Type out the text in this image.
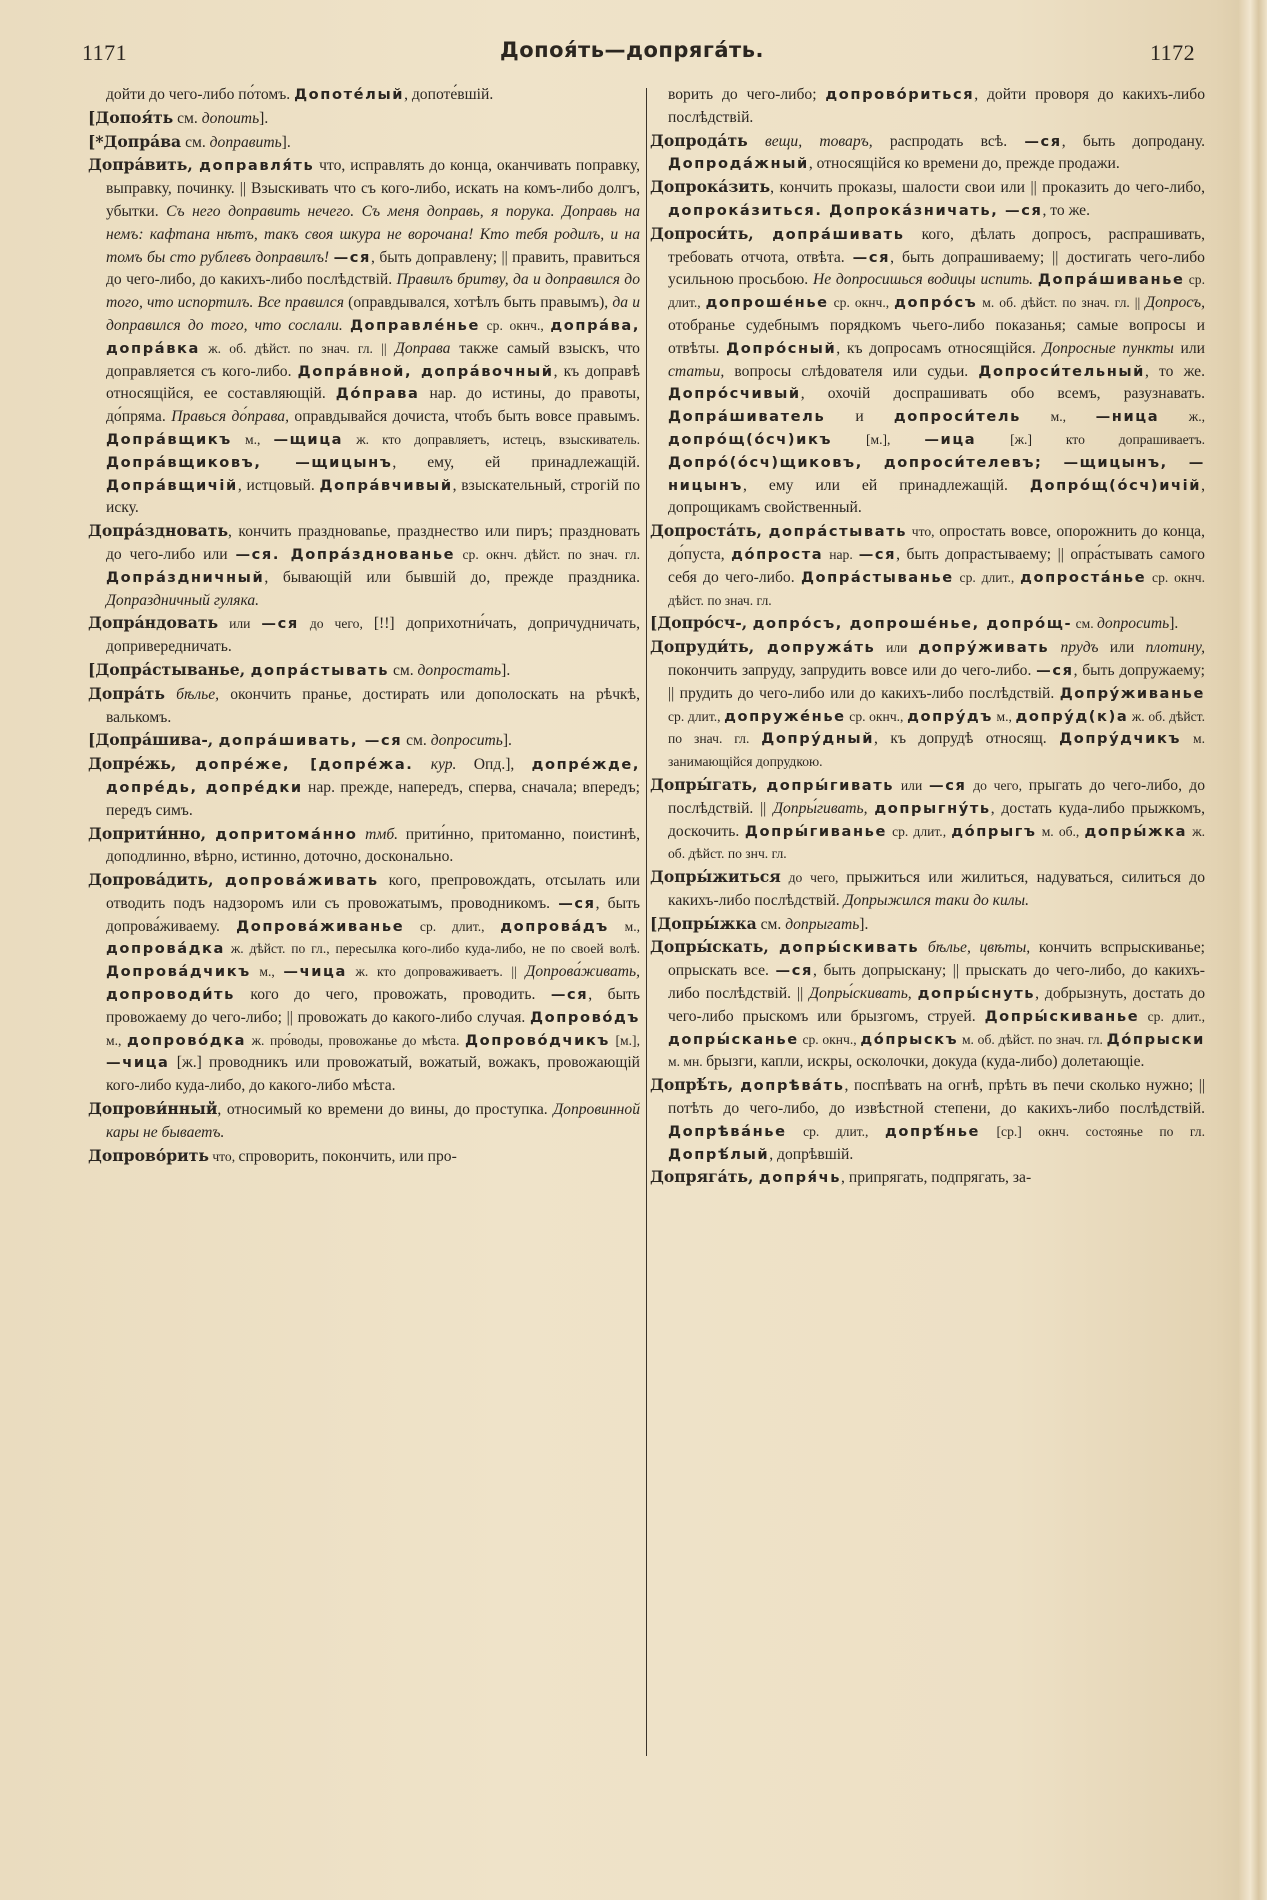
1171	Допоя́ть—допряга́ть.	1172

дойти до чего-либо по́томъ. Допоте́лый, допоте́вшій.

[Допоя́ть см. допоить].

[*Допра́ва см. доправить].

Допра́вить, доправля́ть что, исправлять до конца, оканчивать поправку, выправку, починку. || Взыскивать что съ кого-либо, искать на комъ-либо долгъ, убытки. Съ него доправить нечего. Съ меня доправь, я порука. Доправь на немъ: кафтана нѣтъ, такъ своя шкура не ворочана! Кто тебя родилъ, и на томъ бы сто рублевъ доправилъ! —ся, быть доправлену; || править, правиться до чего-либо, до какихъ-либо послѣдствій. Правилъ бритву, да и доправился до того, что испортилъ. Все правился (оправдывался, хотѣлъ быть правымъ), да и доправился до того, что сослали. Доправле́нье ср. окнч., допра́ва, допра́вка ж. об. дѣйст. по знач. гл. || Доправа также самый взыскъ, что доправляется съ кого-либо. Допра́вной, допра́вочный, къ доправѣ относящійся, ее составляющій. До́права нар. до истины, до правоты, до́прямa. Правься до́права, оправдывайся дочиста, чтобъ быть вовсе правымъ. Допра́вщикъ м., —щица ж. кто доправляетъ, истецъ, взыскиватель. Допра́вщиковъ, —щицынъ, ему, ей принадлежащій. Допра́вщичій, истцовый. Допра́вчивый, взыскательный, строгій по иску.

Допра́здновать, кончить праздноваnье, празднество или пиръ; праздновать до чего-либо или —ся. Допра́зднованье ср. окнч. дѣйст. по знач. гл. Допра́здничный, бывающій или бывшій до, прежде праздника. Допраздничный гуляка.

Допра́ндовать или —ся до чего, [!!] доприхотни́чать, допричудничать, допривередничать.

[Допра́стыванье, допра́стывать см. допростать].

Допра́ть бѣлье, окончить пранье, достирать или дополоскать на рѣчкѣ, валькомъ.

[Допра́шива-, допра́шивать, —ся см. допросить].

Допре́жь, допре́же, [допре́жа. кур. Опд.], допре́жде, допре́дь, допре́дки нар. прежде, напередъ, сперва, сначала; впередъ; передъ симъ.

Доприти́нно, допритома́нно тмб. прити́нно, притоманно, поистинѣ, доподлинно, вѣрно, истинно, доточно, досконально.

Допрова́дить, допрова́живать кого, препровождать, отсылать или отводить подъ надзоромъ или съ провожатымъ, проводникомъ. —ся, быть допрова́живаему. Допрова́живанье ср. длит., допрова́дъ м., допрова́дка ж. дѣйст. по гл., пересылка кого-либо куда-либо, не по своей волѣ. Допрова́дчикъ м., —чица ж. кто допроваживаетъ. || Допрова́живать, допроводи́ть кого до чего, провожать, проводить. —ся, быть провожаему до чего-либо; || провожать до какого-либо случая. Допрово́дъ м., допрово́дка ж. про́воды, провожанье до мѣста. Допрово́дчикъ [м.], —чица [ж.] проводникъ или провожатый, вожатый, вожакъ, провожающій кого-либо куда-либо, до какого-либо мѣста.

Допрови́нный, относимый ко времени до вины, до проступка. Допровинной кары не бываетъ.

Допрово́рить что, спроворить, покончить, или про-

ворить до чего-либо; допрово́риться, дойти проворя до какихъ-либо послѣдствій.

Допрода́ть вещи, товаръ, распродать всѣ. —ся, быть допродану. Допрода́жный, относящійся ко времени до, прежде продажи.

Допрока́зить, кончить проказы, шалости свои или || проказить до чего-либо, допрока́зиться. Допрока́зничать, —ся, то же.

Допроси́ть, допра́шивать кого, дѣлать допросъ, распрашивать, требовать отчота, отвѣта. —ся, быть допрашиваему; || достигать чего-либо усильною просьбою. Не допросишься водицы испить. Допра́шиванье ср. длит., допроше́нье ср. окнч., допро́съ м. об. дѣйст. по знач. гл. || Допросъ, отобранье судебнымъ порядкомъ чьего-либо показанья; самые вопросы и отвѣты. Допро́сный, къ допросамъ относящійся. Допросные пункты или статьи, вопросы слѣдователя или судьи. Допроси́тельный, то же. Допро́счивый, охочій доспрашивать обо всемъ, разузнавать. Допра́шиватель и допроси́тель м., —ница ж., допро́щ(о́сч)икъ [м.], —ица [ж.] кто допрашиваетъ. Допро́(о́сч)щиковъ, допроси́телевъ; —щицынъ, —ницынъ, ему или ей принадлежащій. Допро́щ(о́сч)ичій, допрощикамъ свойственный.

Допроста́ть, допра́стывать что, опростать вовсе, опорожнить до конца, до́пуста, до́проста нар. —ся, быть допрастываему; || опра́стывать самого себя до чего-либо. Допра́стыванье ср. длит., допроста́нье ср. окнч. дѣйст. по знач. гл.

[Допро́сч-, допро́съ, допроше́нье, допро́щ- см. допросить].

Допруди́ть, допружа́ть или допру́живать прудъ или плотину, покончить запруду, запрудить вовсе или до чего-либо. —ся, быть допружаему; || прудить до чего-либо или до какихъ-либо послѣдствій. Допру́живанье ср. длит., допруже́нье ср. окнч., допру́дъ м., допру́д(к)а ж. об. дѣйст. по знач. гл. Допру́дный, къ допрудѣ относящ. Допру́дчикъ м. занимающійся допрудкою.

Допры́гать, допры́гивать или —ся до чего, прыгать до чего-либо, до послѣдствій. || Допры́гивать, допрыгну́ть, достать куда-либо прыжкомъ, доскочить. Допры́гиванье ср. длит., до́прыгъ м. об., допры́жка ж. об. дѣйст. по знч. гл.

Допры́житься до чего, прыжиться или жилиться, надуваться, силиться до какихъ-либо послѣдствій. Допрыжился таки до килы.

[Допры́жка см. допрыгать].

Допры́скать, допры́скивать бѣлье, цвѣты, кончить вспрыскиванье; опрыскать все. —ся, быть допрыскану; || прыскать до чего-либо, до какихъ-либо послѣдствій. || Допры́скивать, допры́снуть, добрызнуть, достать до чего-либо прыскомъ или брызгомъ, струей. Допры́скиванье ср. длит., допры́сканье ср. окнч., до́прыскъ м. об. дѣйст. по знач. гл. До́прыски м. мн. брызги, капли, искры, осколочки, докуда (куда-либо) долетающіе.

Допрѣ́ть, допрѣва́ть, поспѣвать на огнѣ, прѣть въ печи сколько нужно; || потѣть до чего-либо, до извѣстной степени, до какихъ-либо послѣдствій. Допрѣва́нье ср. длит., допрѣ́нье [ср.] окнч. состоянье по гл. Допрѣ́лый, допрѣвшій.

Допряга́ть, допря́чь, припрягать, подпрягать, за-
